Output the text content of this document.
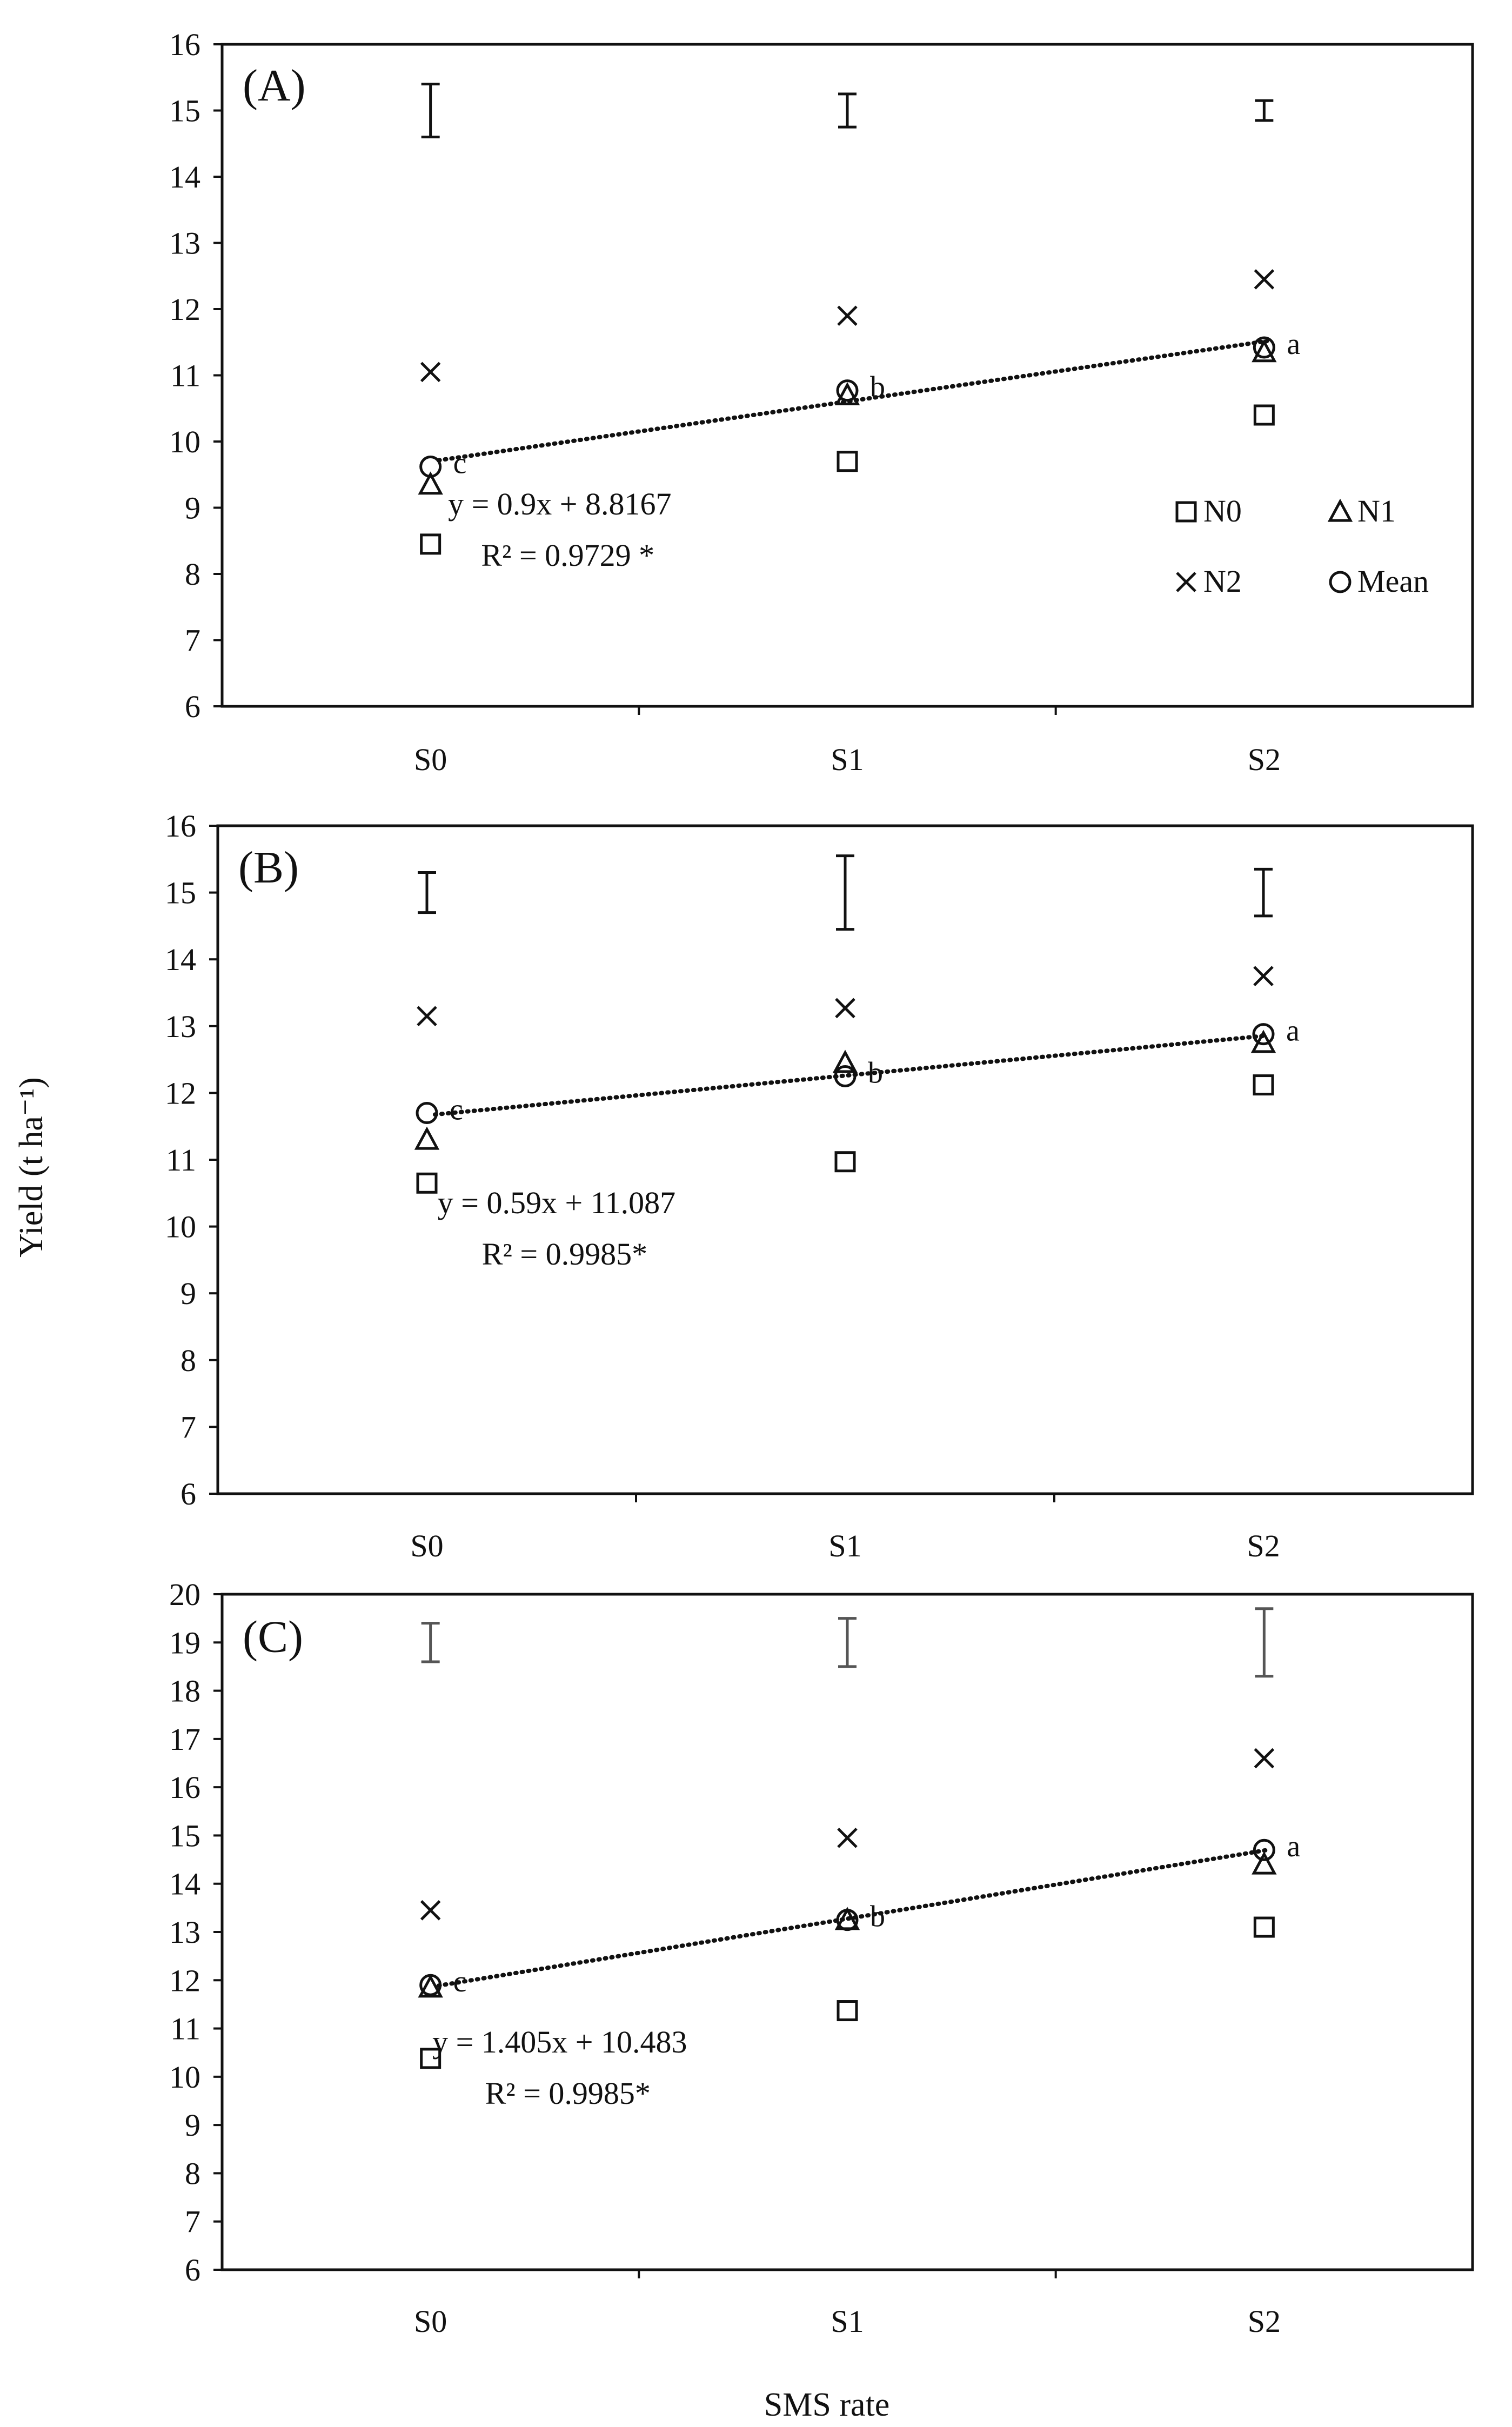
Yield (t ha⁻¹)
SMS rate
6
7
8
9
10
11
12
13
14
15
16
S0	S1	S2
(A)
c
b
a
y = 0.9x + 8.8167
R² = 0.9729 *
N0	N1
N2	Mean
6
7
8
9
10
11
12
13
14
15
16
S0	S1	S2
(B)
c
b
a
y = 0.59x + 11.087
R² = 0.9985*
6
7
8
9
10
11
12
13
14
15
16
17
18
19
20
S0	S1	S2
(C)
c
b
a
y = 1.405x + 10.483
R² = 0.9985*
